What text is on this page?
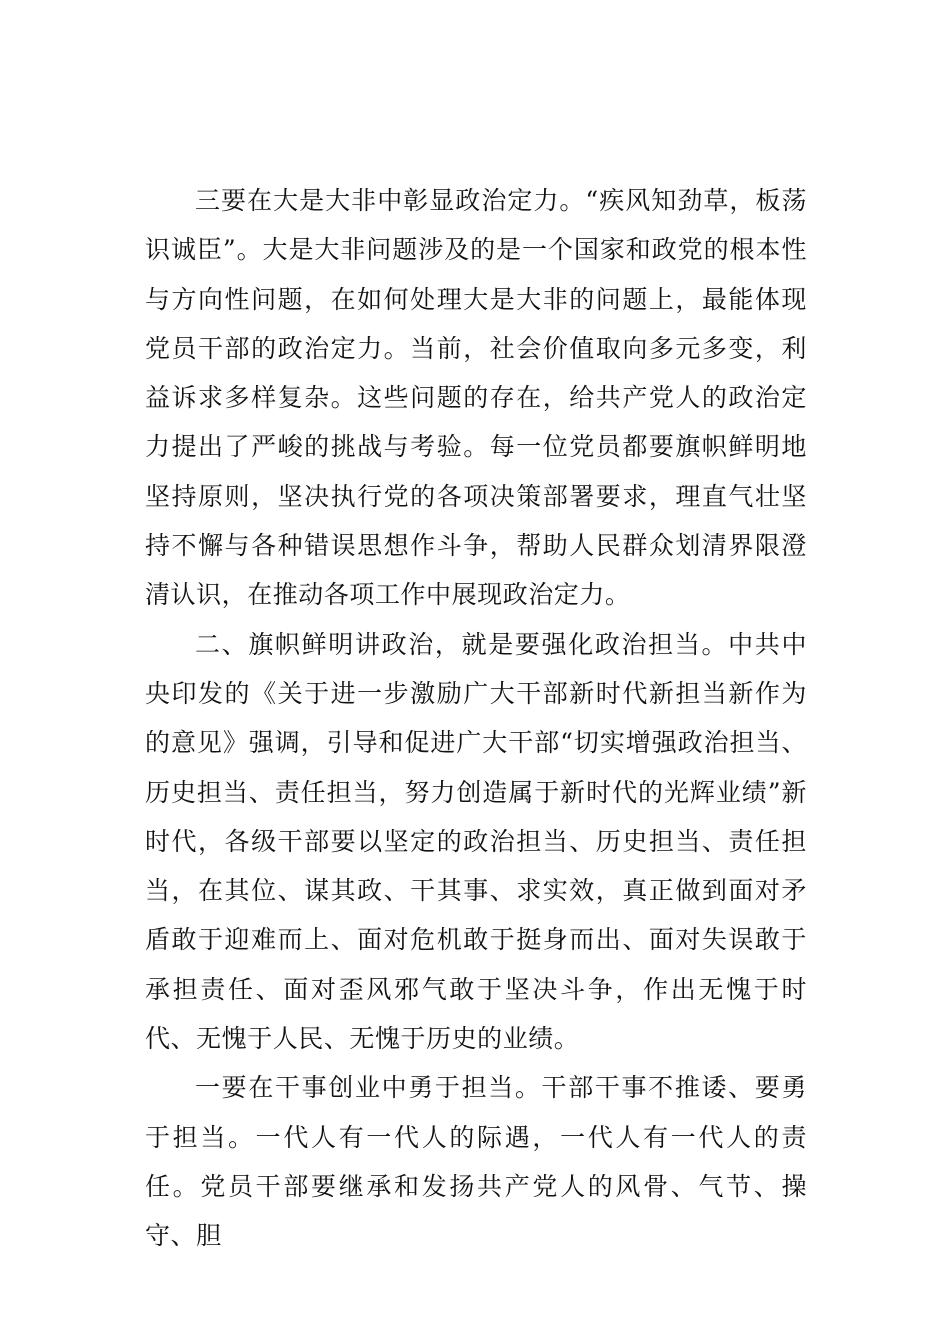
三要在大是大非中彰显政治定力。“疾风知劲草，板荡识诚臣”。大是大非问题涉及的是一个国家和政党的根本性与方向性问题，在如何处理大是大非的问题上，最能体现党员干部的政治定力。当前，社会价值取向多元多变，利益诉求多样复杂。这些问题的存在，给共产党人的政治定力提出了严峻的挑战与考验。每一位党员都要旗帜鲜明地坚持原则，坚决执行党的各项决策部署要求，理直气壮坚持不懈与各种错误思想作斗争，帮助人民群众划清界限澄清认识，在推动各项工作中展现政治定力。

二、旗帜鲜明讲政治，就是要强化政治担当。中共中央印发的《关于进一步激励广大干部新时代新担当新作为的意见》强调，引导和促进广大干部“切实增强政治担当、历史担当、责任担当，努力创造属于新时代的光辉业绩”新时代，各级干部要以坚定的政治担当、历史担当、责任担当，在其位、谋其政、干其事、求实效，真正做到面对矛盾敢于迎难而上、面对危机敢于挺身而出、面对失误敢于承担责任、面对歪风邪气敢于坚决斗争，作出无愧于时代、无愧于人民、无愧于历史的业绩。

一要在干事创业中勇于担当。干部干事不推诿、要勇于担当。一代人有一代人的际遇，一代人有一代人的责任。党员干部要继承和发扬共产党人的风骨、气节、操守、胆
